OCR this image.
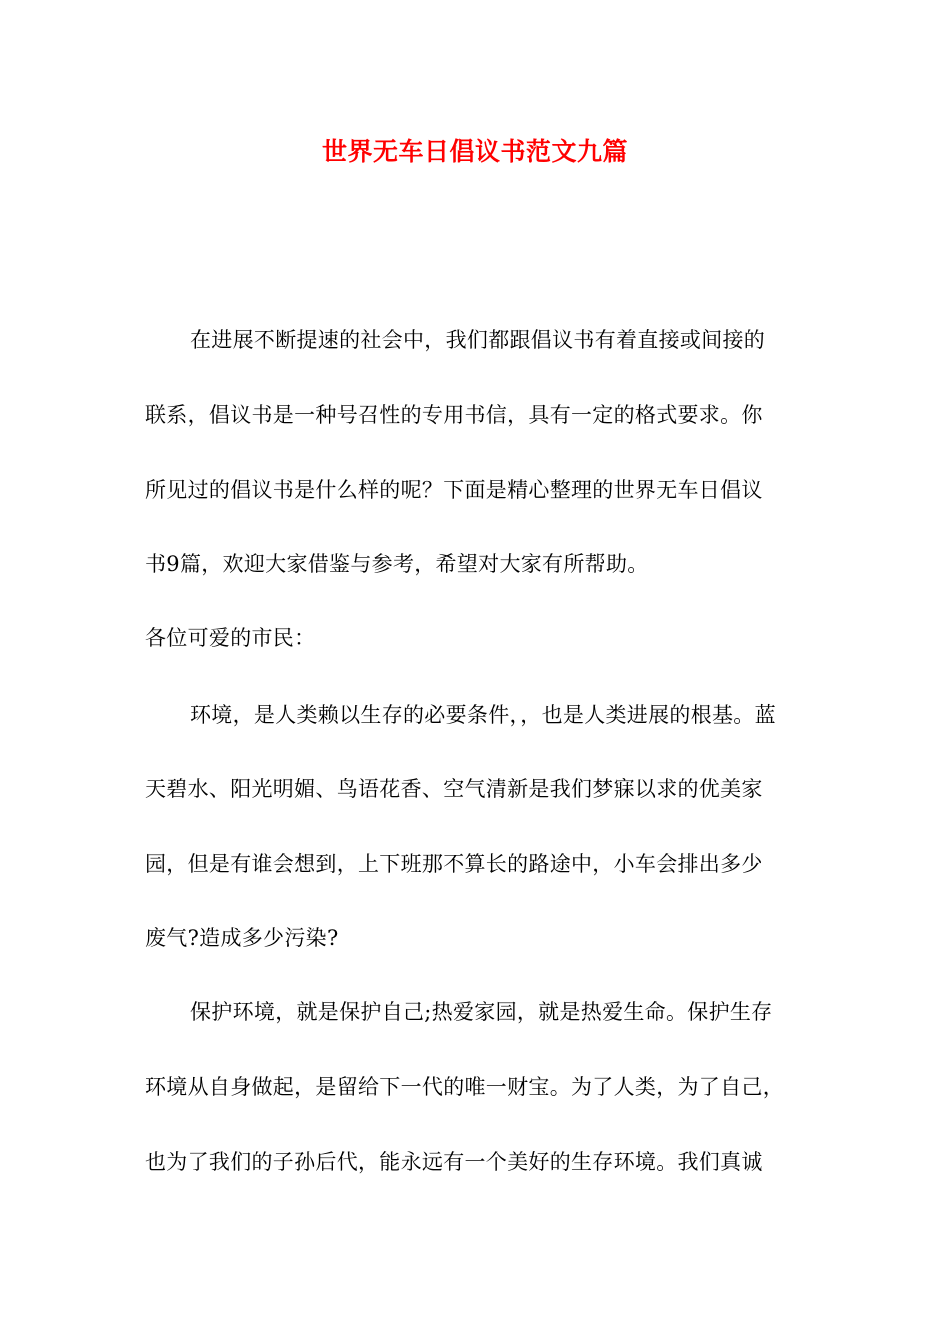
世界无车日倡议书范文九篇
在进展不断提速的社会中，我们都跟倡议书有着直接或间接的
联系，倡议书是一种号召性的专用书信，具有一定的格式要求。你
所见过的倡议书是什么样的呢？下面是精心整理的世界无车日倡议
书9篇，欢迎大家借鉴与参考，希望对大家有所帮助。
各位可爱的市民：
环境，是人类赖以生存的必要条件，，也是人类进展的根基。蓝
天碧水、阳光明媚、鸟语花香、空气清新是我们梦寐以求的优美家
园，但是有谁会想到，上下班那不算长的路途中，小车会排出多少
废气?造成多少污染?
保护环境，就是保护自己;热爱家园，就是热爱生命。保护生存
环境从自身做起，是留给下一代的唯一财宝。为了人类，为了自己，
也为了我们的子孙后代，能永远有一个美好的生存环境。我们真诚
